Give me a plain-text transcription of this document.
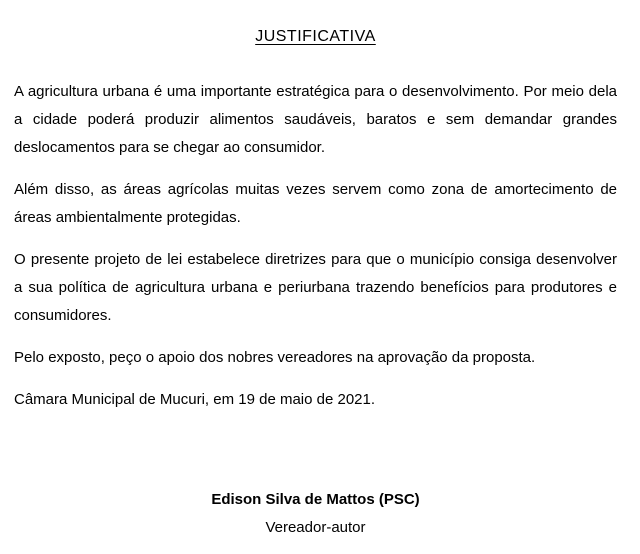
JUSTIFICATIVA

A agricultura urbana é uma importante estratégica para o desenvolvimento. Por meio dela a cidade poderá produzir alimentos saudáveis, baratos e sem demandar grandes deslocamentos para se chegar ao consumidor.

Além disso, as áreas agrícolas muitas vezes servem como zona de amortecimento de áreas ambientalmente protegidas.

O presente projeto de lei estabelece diretrizes para que o município consiga desenvolver a sua política de agricultura urbana e periurbana trazendo benefícios para produtores e consumidores.

Pelo exposto, peço o apoio dos nobres vereadores na aprovação da proposta.

Câmara Municipal de Mucuri, em 19 de maio de 2021.

Edison Silva de Mattos (PSC)
Vereador-autor
